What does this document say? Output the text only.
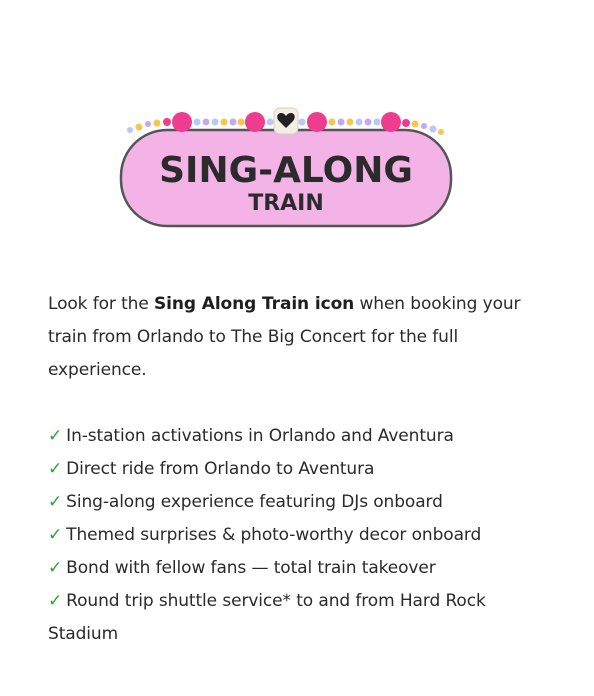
SING-ALONG
TRAIN

Look for the Sing Along Train icon when booking your train from Orlando to The Big Concert for the full experience.

✓ In-station activations in Orlando and Aventura
✓ Direct ride from Orlando to Aventura
✓ Sing-along experience featuring DJs onboard
✓ Themed surprises & photo-worthy decor onboard
✓ Bond with fellow fans — total train takeover
✓ Round trip shuttle service* to and from Hard Rock Stadium
